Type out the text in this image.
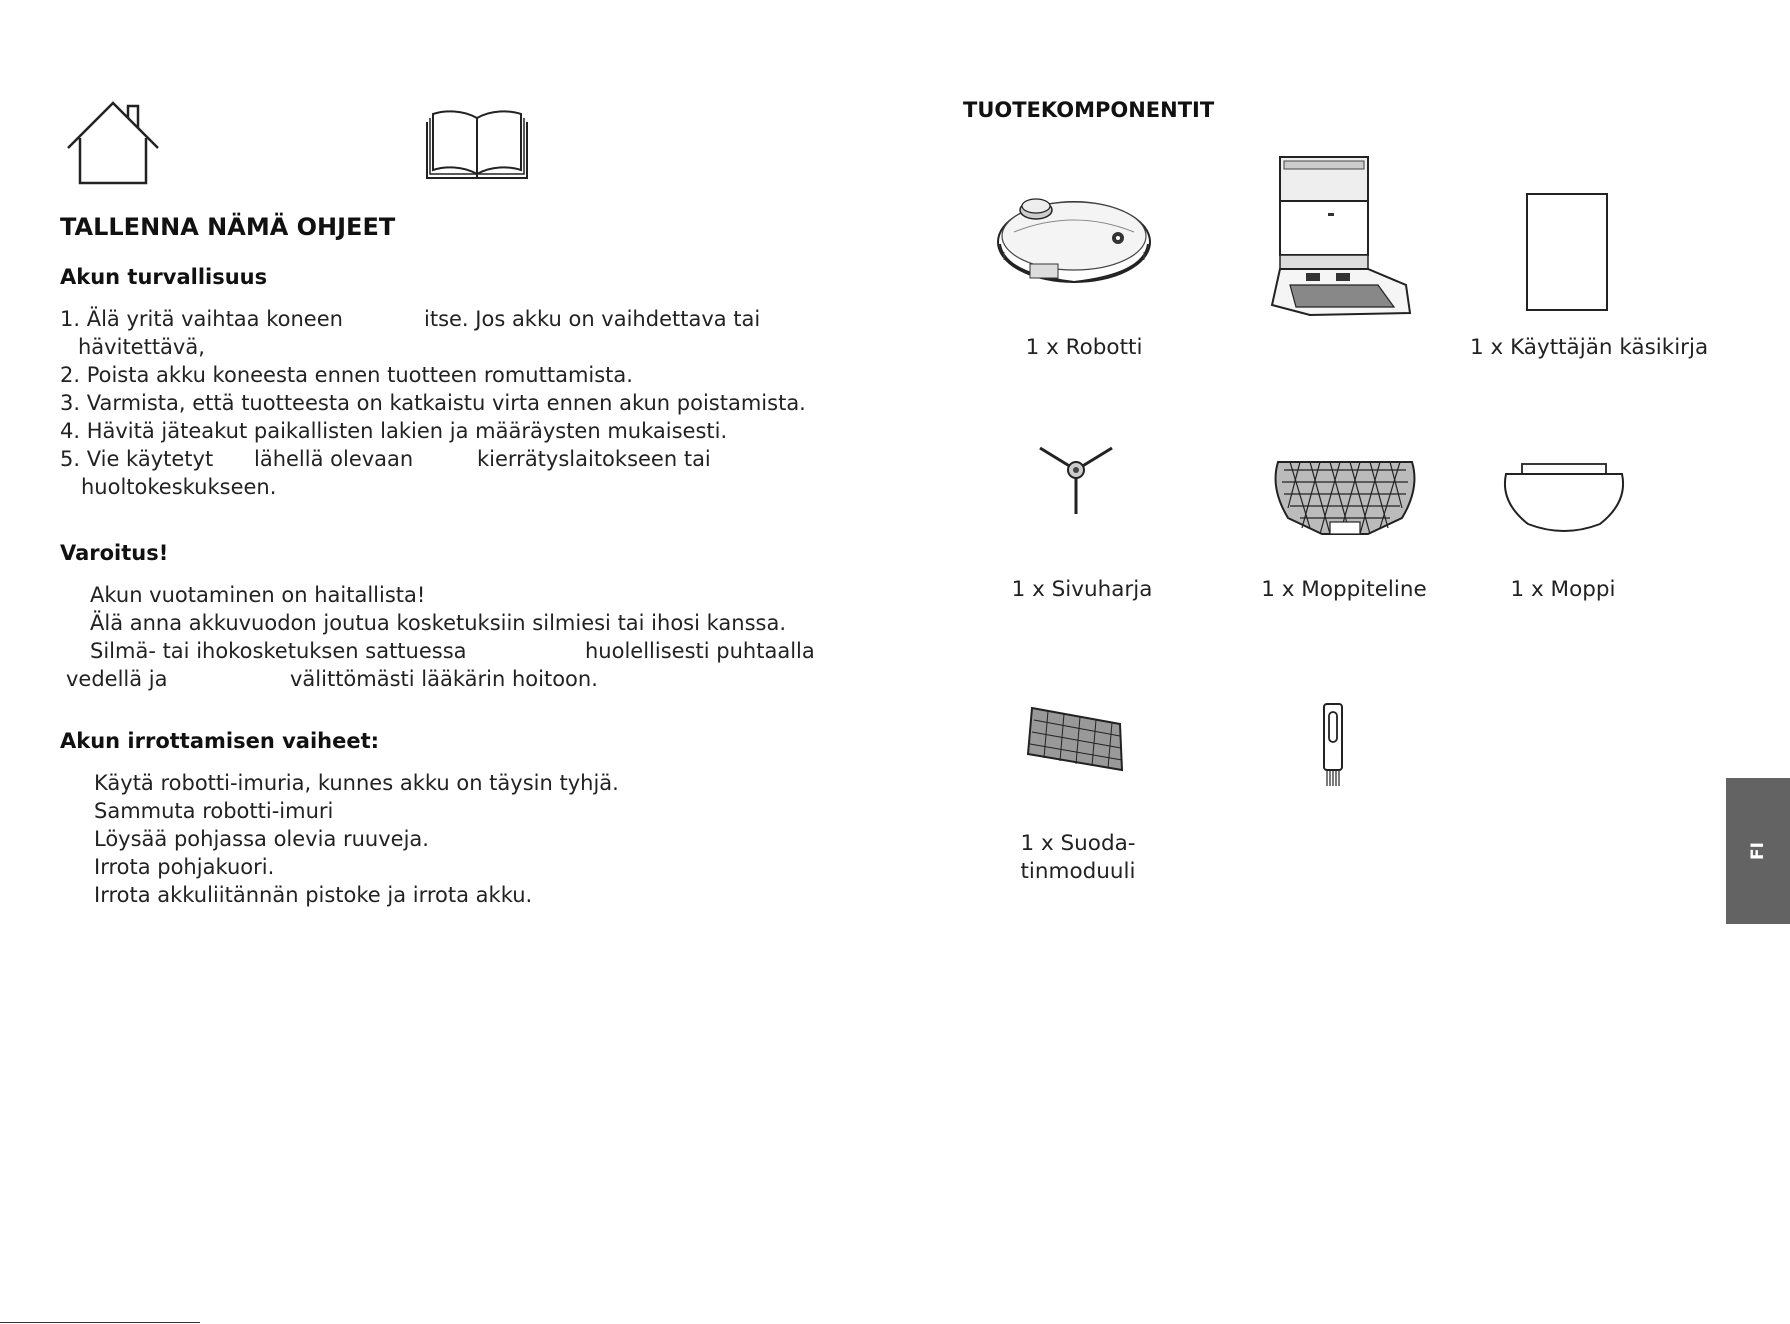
TALLENNA NÄMÄ OHJEET
Akun turvallisuus
1. Älä yritä vaihtaa koneen	itse. Jos akku on vaihdettava tai
hävitettävä,
2. Poista akku koneesta ennen tuotteen romuttamista.
3. Varmista, että tuotteesta on katkaistu virta ennen akun poistamista.
4. Hävitä jäteakut paikallisten lakien ja määräysten mukaisesti.
5. Vie käytetyt lähellä olevaan	kierrätyslaitokseen tai
huoltokeskukseen.
Varoitus!
Akun vuotaminen on haitallista!
Älä anna akkuvuodon joutua kosketuksiin silmiesi tai ihosi kanssa.
Silmä- tai ihokosketuksen sattuessa	huolellisesti puhtaalla
vedellä ja	välittömästi lääkärin hoitoon.
Akun irrottamisen vaiheet:
Käytä robotti-imuria, kunnes akku on täysin tyhjä.
Sammuta robotti-imuri
Löysää pohjassa olevia ruuveja.
Irrota pohjakuori.
Irrota akkuliitännän pistoke ja irrota akku.
TUOTEKOMPONENTIT
1 x Robotti	1 x Käyttäjän käsikirja
1 x Sivuharja	1 x Moppiteline	1 x Moppi
1 x Suoda-
tinmoduuli
FI
